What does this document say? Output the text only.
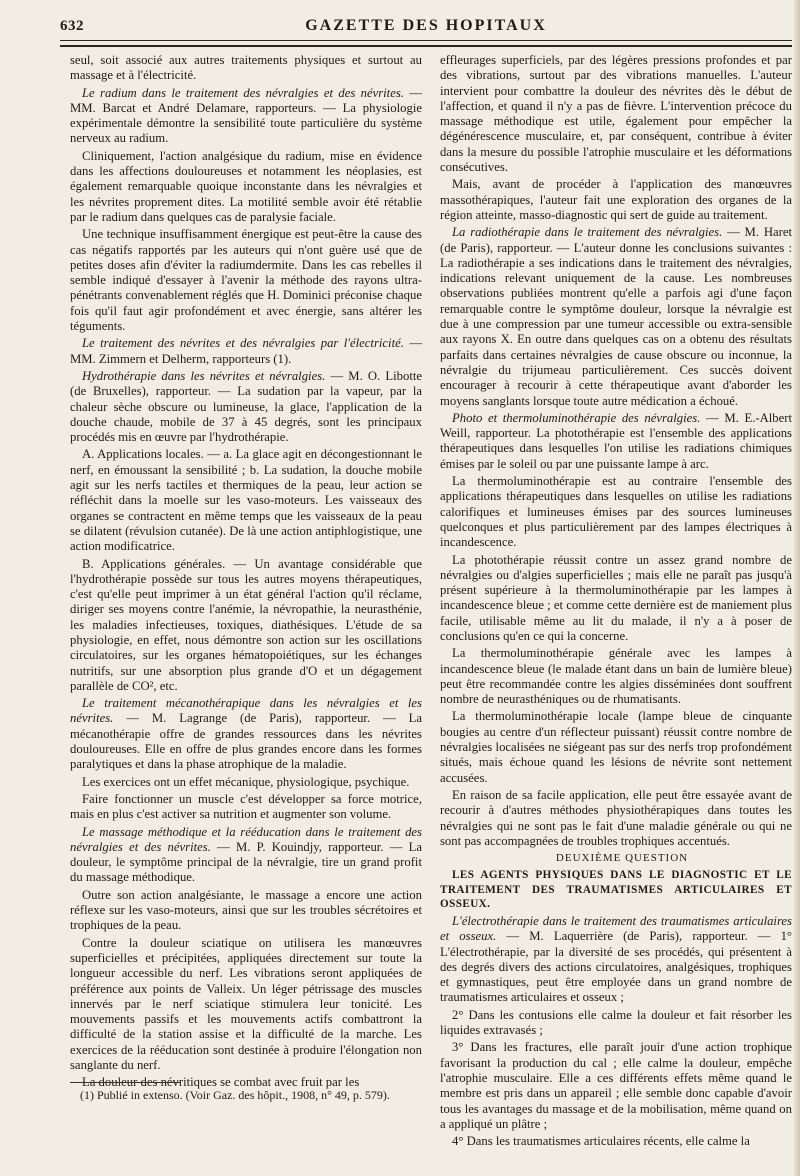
632	GAZETTE DES HOPITAUX

seul, soit associé aux autres traitements physiques et surtout au massage et à l'électricité.

Le radium dans le traitement des névralgies et des névrites. — MM. Barcat et André Delamare, rapporteurs. — La physiologie expérimentale démontre la sensibilité toute particulière du système nerveux au radium.

Cliniquement, l'action analgésique du radium, mise en évidence dans les affections douloureuses et notamment les néoplasies, est également remarquable quoique inconstante dans les névralgies et les névrites proprement dites. La motilité semble avoir été rétablie par le radium dans quelques cas de paralysie faciale.

Une technique insuffisamment énergique est peut-être la cause des cas négatifs rapportés par les auteurs qui n'ont guère usé que de petites doses afin d'éviter la radiumdermite. Dans les cas rebelles il semble indiqué d'essayer à l'avenir la méthode des rayons ultra-pénétrants convenablement réglés que H. Dominici préconise chaque fois qu'il faut agir profondément et avec énergie, sans altérer les téguments.

Le traitement des névrites et des névralgies par l'électricité. — MM. Zimmern et Delherm, rapporteurs (1).

Hydrothérapie dans les névrites et névralgies. — M. O. Libotte (de Bruxelles), rapporteur. — La sudation par la vapeur, par la chaleur sèche obscure ou lumineuse, la glace, l'application de la douche chaude, mobile de 37 à 45 degrés, sont les principaux procédés mis en œuvre par l'hydrothérapie.

A. Applications locales. — a. La glace agit en décongestionnant le nerf, en émoussant la sensibilité ; b. La sudation, la douche mobile agit sur les nerfs tactiles et thermiques de la peau, leur action se réfléchit dans la moelle sur les vaso-moteurs. Les vaisseaux des organes se contractent en même temps que les vaisseaux de la peau se dilatent (révulsion cutanée). De là une action antiphlogistique, une action modificatrice.

B. Applications générales. — Un avantage considérable que l'hydrothérapie possède sur tous les autres moyens thérapeutiques, c'est qu'elle peut imprimer à un état général l'action qu'il réclame, diriger ses moyens contre l'anémie, la névropathie, la neurasthénie, les maladies infectieuses, toxiques, diathésiques. L'étude de sa physiologie, en effet, nous démontre son action sur les oscillations circulatoires, sur les organes hématopoiétiques, sur les échanges nutritifs, sur une absorption plus grande d'O et un dégagement parallèle de CO², etc.

Le traitement mécanothérapique dans les névralgies et les névrites. — M. Lagrange (de Paris), rapporteur. — La mécanothérapie offre de grandes ressources dans les névrites douloureuses. Elle en offre de plus grandes encore dans les formes paralytiques et dans la phase atrophique de la maladie.

Les exercices ont un effet mécanique, physiologique, psychique.

Faire fonctionner un muscle c'est développer sa force motrice, mais en plus c'est activer sa nutrition et augmenter son volume.

Le massage méthodique et la rééducation dans le traitement des névralgies et des névrites. — M. P. Kouindjy, rapporteur. — La douleur, le symptôme principal de la névralgie, tire un grand profit du massage méthodique.

Outre son action analgésiante, le massage a encore une action réflexe sur les vaso-moteurs, ainsi que sur les troubles sécrétoires et trophiques de la peau.

Contre la douleur sciatique on utilisera les manœuvres superficielles et précipitées, appliquées directement sur toute la longueur accessible du nerf. Les vibrations seront appliquées de préférence aux points de Valleix. Un léger pétrissage des muscles innervés par le nerf sciatique stimulera leur tonicité. Les mouvements passifs et les mouvements actifs combattront la difficulté de la station assise et la difficulté de la marche. Les exercices de la rééducation sont destinée à produire l'élongation non sanglante du nerf.

La douleur des névritiques se combat avec fruit par les

(1) Publié in extenso. (Voir Gaz. des hôpit., 1908, n° 49, p. 579).

effleurages superficiels, par des légères pressions profondes et par des vibrations, surtout par des vibrations manuelles. L'auteur intervient pour combattre la douleur des névrites dès le début de l'affection, et quand il n'y a pas de fièvre. L'intervention précoce du massage méthodique est utile, également pour empêcher la dégénérescence musculaire, et, par conséquent, contribue à éviter dans la mesure du possible l'atrophie musculaire et les déformations consécutives.

Mais, avant de procéder à l'application des manœuvres massothérapiques, l'auteur fait une exploration des organes de la région atteinte, masso-diagnostic qui sert de guide au traitement.

La radiothérapie dans le traitement des névralgies. — M. Haret (de Paris), rapporteur. — L'auteur donne les conclusions suivantes : La radiothérapie a ses indications dans le traitement des névralgies, indications relevant uniquement de la cause. Les nombreuses observations publiées montrent qu'elle a parfois agi d'une façon remarquable contre le symptôme douleur, lorsque la névralgie est due à une compression par une tumeur accessible ou extra-sensible aux rayons X. En outre dans quelques cas on a obtenu des résultats parfaits dans certaines névralgies de cause obscure ou inconnue, la névralgie du trijumeau particulièrement. Ces succès doivent encourager à recourir à cette thérapeutique avant d'aborder les moyens sanglants lorsque toute autre médication a échoué.

Photo et thermoluminothérapie des névralgies. — M. E.-Albert Weill, rapporteur. La photothérapie est l'ensemble des applications thérapeutiques dans lesquelles l'on utilise les radiations chimiques émises par le soleil ou par une puissante lampe à arc.

La thermoluminothérapie est au contraire l'ensemble des applications thérapeutiques dans lesquelles on utilise les radiations calorifiques et lumineuses émises par des sources lumineuses quelconques et plus particulièrement par des lampes électriques à incandescence.

La photothérapie réussit contre un assez grand nombre de névralgies ou d'algies superficielles ; mais elle ne paraît pas jusqu'à présent supérieure à la thermoluminothérapie par les lampes à incandescence bleue ; et comme cette dernière est de maniement plus facile, utilisable même au lit du malade, il n'y a à poser de conclusions qu'en ce qui la concerne.

La thermoluminothérapie générale avec les lampes à incandescence bleue (le malade étant dans un bain de lumière bleue) peut être recommandée contre les algies disséminées dont souffrent nombre de neurasthéniques ou de rhumatisants.

La thermoluminothérapie locale (lampe bleue de cinquante bougies au centre d'un réflecteur puissant) réussit contre nombre de névralgies localisées ne siégeant pas sur des nerfs trop profondément situés, mais échoue quand les lésions de névrite sont nettement accusées.

En raison de sa facile application, elle peut être essayée avant de recourir à d'autres méthodes physiothérapiques dans toutes les névralgies qui ne sont pas le fait d'une maladie générale ou qui ne sont pas accompagnées de troubles trophiques accentués.

DEUXIÈME QUESTION

LES AGENTS PHYSIQUES DANS LE DIAGNOSTIC ET LE TRAITEMENT DES TRAUMATISMES ARTICULAIRES ET OSSEUX.

L'électrothérapie dans le traitement des traumatismes articulaires et osseux. — M. Laquerrière (de Paris), rapporteur. — 1° L'électrothérapie, par la diversité de ses procédés, qui présentent à des degrés divers des actions circulatoires, analgésiques, trophiques et gymnastiques, peut être employée dans un grand nombre de traumatismes articulaires et osseux ;

2° Dans les contusions elle calme la douleur et fait résorber les liquides extravasés ;

3° Dans les fractures, elle paraît jouir d'une action trophique favorisant la production du cal ; elle calme la douleur, empêche l'atrophie musculaire. Elle a ces différents effets même quand le membre est pris dans un appareil ; elle semble donc capable d'avoir tous les avantages du massage et de la mobilisation, même quand on a appliqué un plâtre ;

4° Dans les traumatismes articulaires récents, elle calme la
